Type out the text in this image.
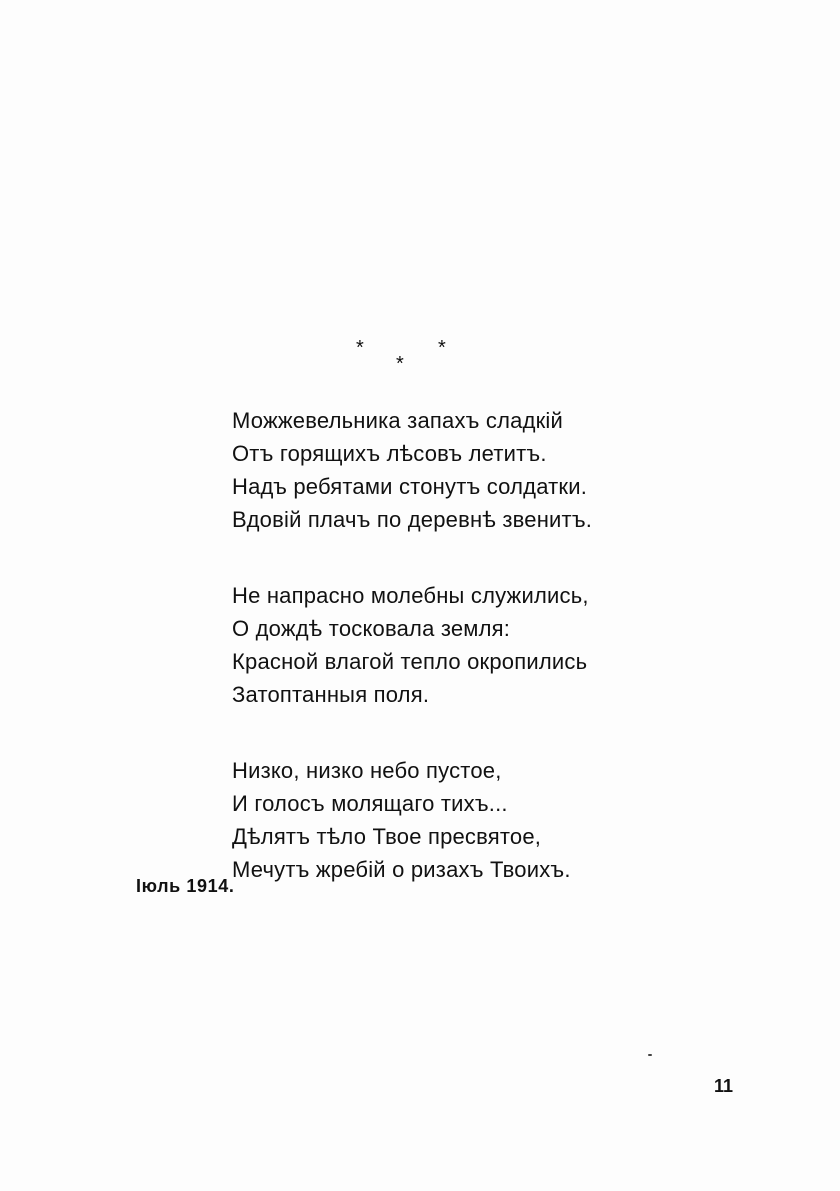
*	*
*
Можжевельника запахъ сладкій
Отъ горящихъ лѣсовъ летитъ.
Надъ ребятами стонутъ солдатки.
Вдовій плачъ по деревнѣ звенитъ.
Не напрасно молебны служились,
О дождѣ тосковала земля:
Красной влагой тепло окропились
Затоптанныя поля.
Низко, низко небо пустое,
И голосъ молящаго тихъ...
Дѣлятъ тѣло Твое пресвятое,
Мечутъ жребій о ризахъ Твоихъ.
Іюль 1914.
11
